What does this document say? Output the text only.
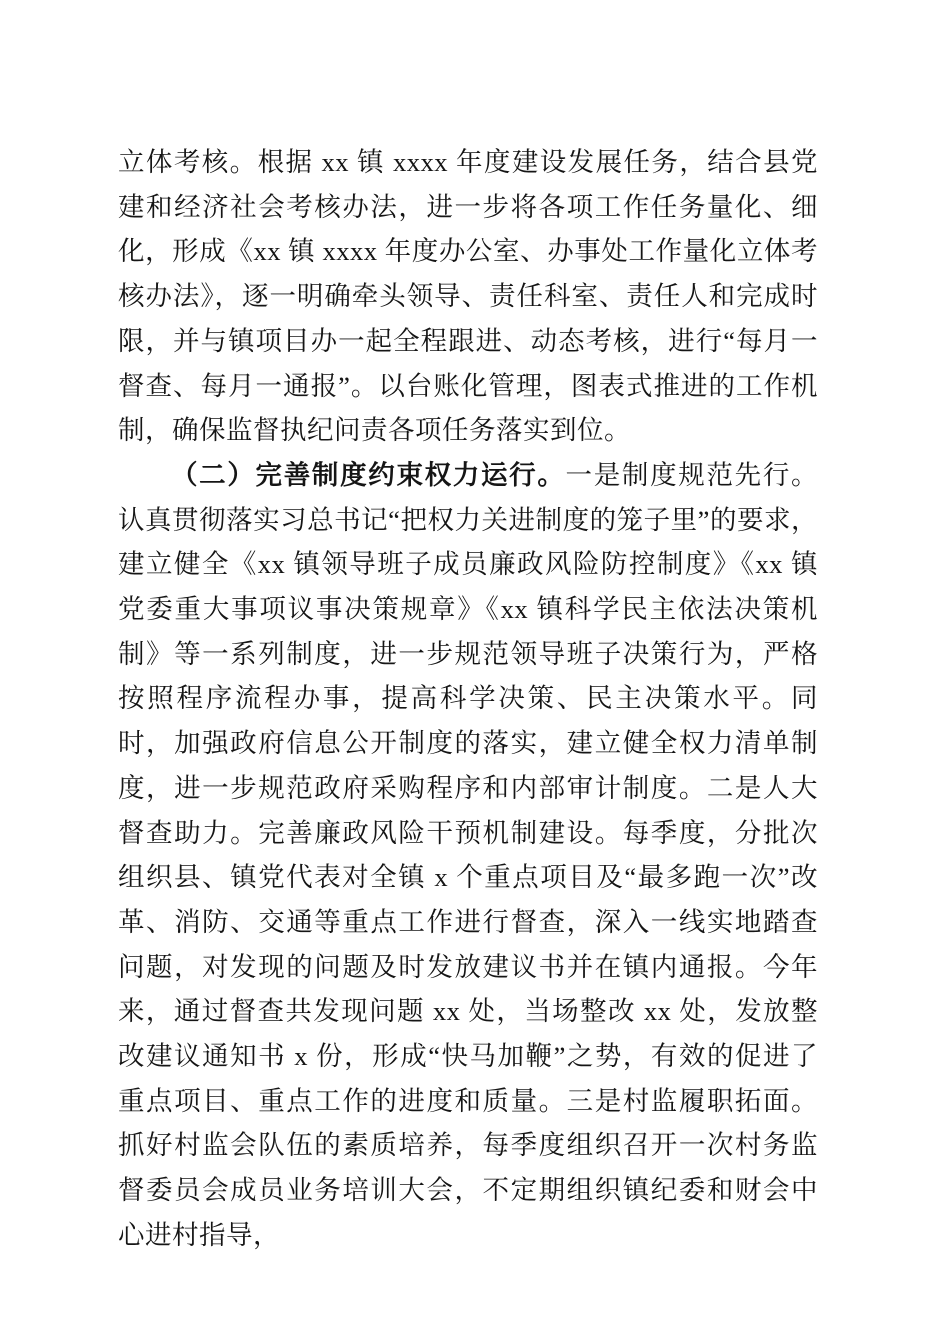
立体考核。根据 xx 镇 xxxx 年度建设发展任务，结合县党建和经济社会考核办法，进一步将各项工作任务量化、细化，形成《xx 镇 xxxx 年度办公室、办事处工作量化立体考核办法》，逐一明确牵头领导、责任科室、责任人和完成时限，并与镇项目办一起全程跟进、动态考核，进行“每月一督查、每月一通报”。以台账化管理，图表式推进的工作机制，确保监督执纪问责各项任务落实到位。

（二）完善制度约束权力运行。一是制度规范先行。认真贯彻落实习总书记“把权力关进制度的笼子里”的要求，建立健全《xx 镇领导班子成员廉政风险防控制度》《xx 镇党委重大事项议事决策规章》《xx 镇科学民主依法决策机制》等一系列制度，进一步规范领导班子决策行为，严格按照程序流程办事，提高科学决策、民主决策水平。同时，加强政府信息公开制度的落实，建立健全权力清单制度，进一步规范政府采购程序和内部审计制度。二是人大督查助力。完善廉政风险干预机制建设。每季度，分批次组织县、镇党代表对全镇 x 个重点项目及“最多跑一次”改革、消防、交通等重点工作进行督查，深入一线实地踏查问题，对发现的问题及时发放建议书并在镇内通报。今年来，通过督查共发现问题 xx 处，当场整改 xx 处，发放整改建议通知书 x 份，形成“快马加鞭”之势，有效的促进了重点项目、重点工作的进度和质量。三是村监履职拓面。抓好村监会队伍的素质培养，每季度组织召开一次村务监督委员会成员业务培训大会，不定期组织镇纪委和财会中心进村指导，
